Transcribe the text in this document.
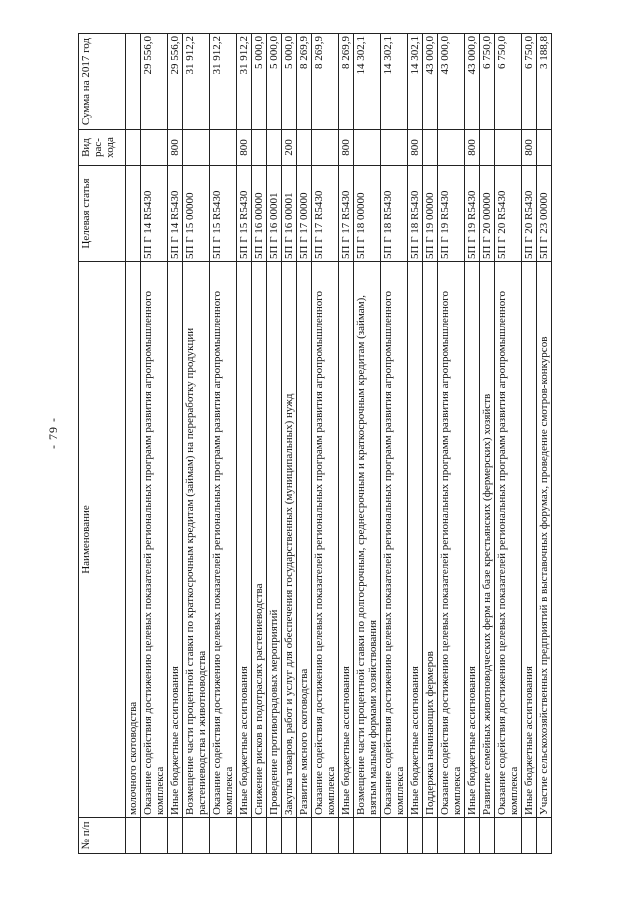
- 79 -
№ п/п	Наименование	Целевая статья	Вид рас-хода	Сумма на 2017 год
	молочного скотоводства			
	Оказание содействия достижению целевых показателей региональных программ развития агропромышленного комплекса	5П Г 14 R5430		29 556,0
	Иные бюджетные ассигнования	5П Г 14 R5430	800	29 556,0
	Возмещение части процентной ставки по краткосрочным кредитам (займам) на переработку продукции растениеводства и животноводства	5П Г 15 00000		31 912,2
	Оказание содействия достижению целевых показателей региональных программ развития агропромышленного комплекса	5П Г 15 R5430		31 912,2
	Иные бюджетные ассигнования	5П Г 15 R5430	800	31 912,2
	Снижение рисков в подотраслях растениеводства	5П Г 16 00000		5 000,0
	Проведение противоградовых мероприятий	5П Г 16 00001		5 000,0
	Закупка товаров, работ и услуг для обеспечения государственных (муниципальных) нужд	5П Г 16 00001	200	5 000,0
	Развитие мясного скотоводства	5П Г 17 00000		8 269,9
	Оказание содействия достижению целевых показателей региональных программ развития агропромышленного комплекса	5П Г 17 R5430		8 269,9
	Иные бюджетные ассигнования	5П Г 17 R5430	800	8 269,9
	Возмещение части процентной ставки по долгосрочным, среднесрочным и краткосрочным кредитам (займам), взятым малыми формами хозяйствования	5П Г 18 00000		14 302,1
	Оказание содействия достижению целевых показателей региональных программ развития агропромышленного комплекса	5П Г 18 R5430		14 302,1
	Иные бюджетные ассигнования	5П Г 18 R5430	800	14 302,1
	Поддержка начинающих фермеров	5П Г 19 00000		43 000,0
	Оказание содействия достижению целевых показателей региональных программ развития агропромышленного комплекса	5П Г 19 R5430		43 000,0
	Иные бюджетные ассигнования	5П Г 19 R5430	800	43 000,0
	Развитие семейных животноводческих ферм на базе крестьянских (фермерских) хозяйств	5П Г 20 00000		6 750,0
	Оказание содействия достижению целевых показателей региональных программ развития агропромышленного комплекса	5П Г 20 R5430		6 750,0
	Иные бюджетные ассигнования	5П Г 20 R5430	800	6 750,0
	Участие сельскохозяйственных предприятий в выставочных форумах, проведение смотров-конкурсов	5П Г 23 00000		3 188,8
